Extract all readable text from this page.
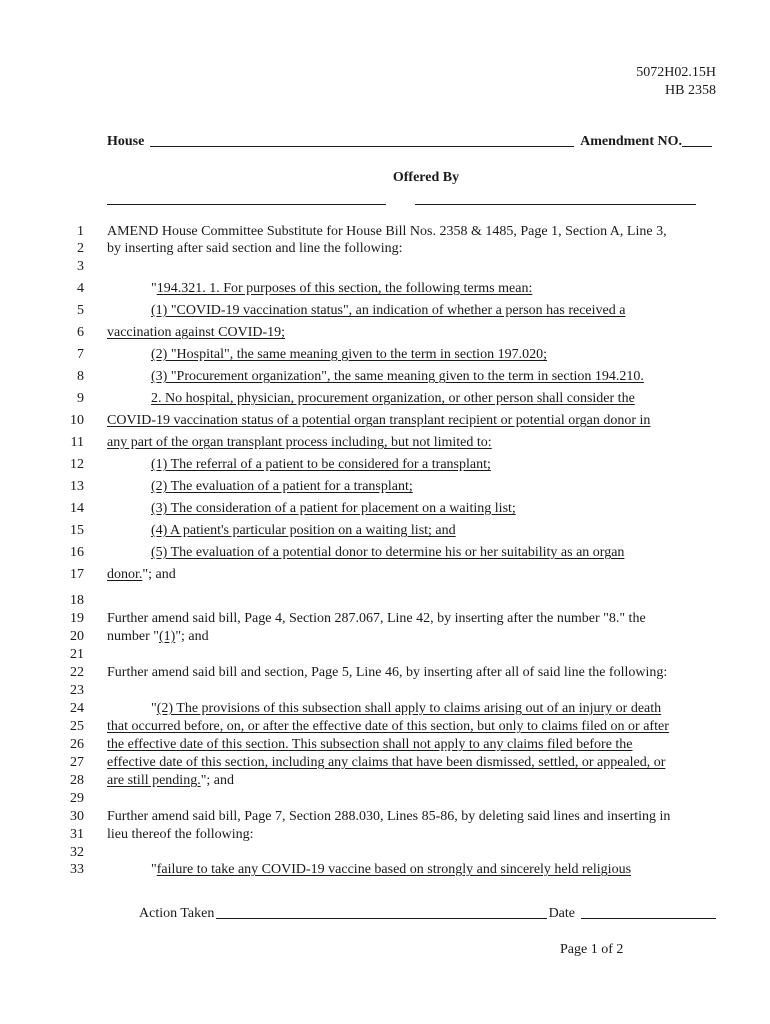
5072H02.15H
HB 2358
House	Amendment NO.
Offered By
1 AMEND House Committee Substitute for House Bill Nos. 2358 & 1485, Page 1, Section A, Line 3,
2 by inserting after said section and line the following:
3
4	"194.321. 1. For purposes of this section, the following terms mean:
5	(1) "COVID-19 vaccination status", an indication of whether a person has received a
6 vaccination against COVID-19;
7	(2) "Hospital", the same meaning given to the term in section 197.020;
8	(3) "Procurement organization", the same meaning given to the term in section 194.210.
9	2. No hospital, physician, procurement organization, or other person shall consider the
10 COVID-19 vaccination status of a potential organ transplant recipient or potential organ donor in
11 any part of the organ transplant process including, but not limited to:
12	(1) The referral of a patient to be considered for a transplant;
13	(2) The evaluation of a patient for a transplant;
14	(3) The consideration of a patient for placement on a waiting list;
15	(4) A patient's particular position on a waiting list; and
16	(5) The evaluation of a potential donor to determine his or her suitability as an organ
17 donor."; and
18
19 Further amend said bill, Page 4, Section 287.067, Line 42, by inserting after the number "8." the
20 number "(1)"; and
21
22 Further amend said bill and section, Page 5, Line 46, by inserting after all of said line the following:
23
24	"(2) The provisions of this subsection shall apply to claims arising out of an injury or death
25 that occurred before, on, or after the effective date of this section, but only to claims filed on or after
26 the effective date of this section. This subsection shall not apply to any claims filed before the
27 effective date of this section, including any claims that have been dismissed, settled, or appealed, or
28 are still pending."; and
29
30 Further amend said bill, Page 7, Section 288.030, Lines 85-86, by deleting said lines and inserting in
31 lieu thereof the following:
32
33	"failure to take any COVID-19 vaccine based on strongly and sincerely held religious
Action Taken	Date
Page 1 of 2
